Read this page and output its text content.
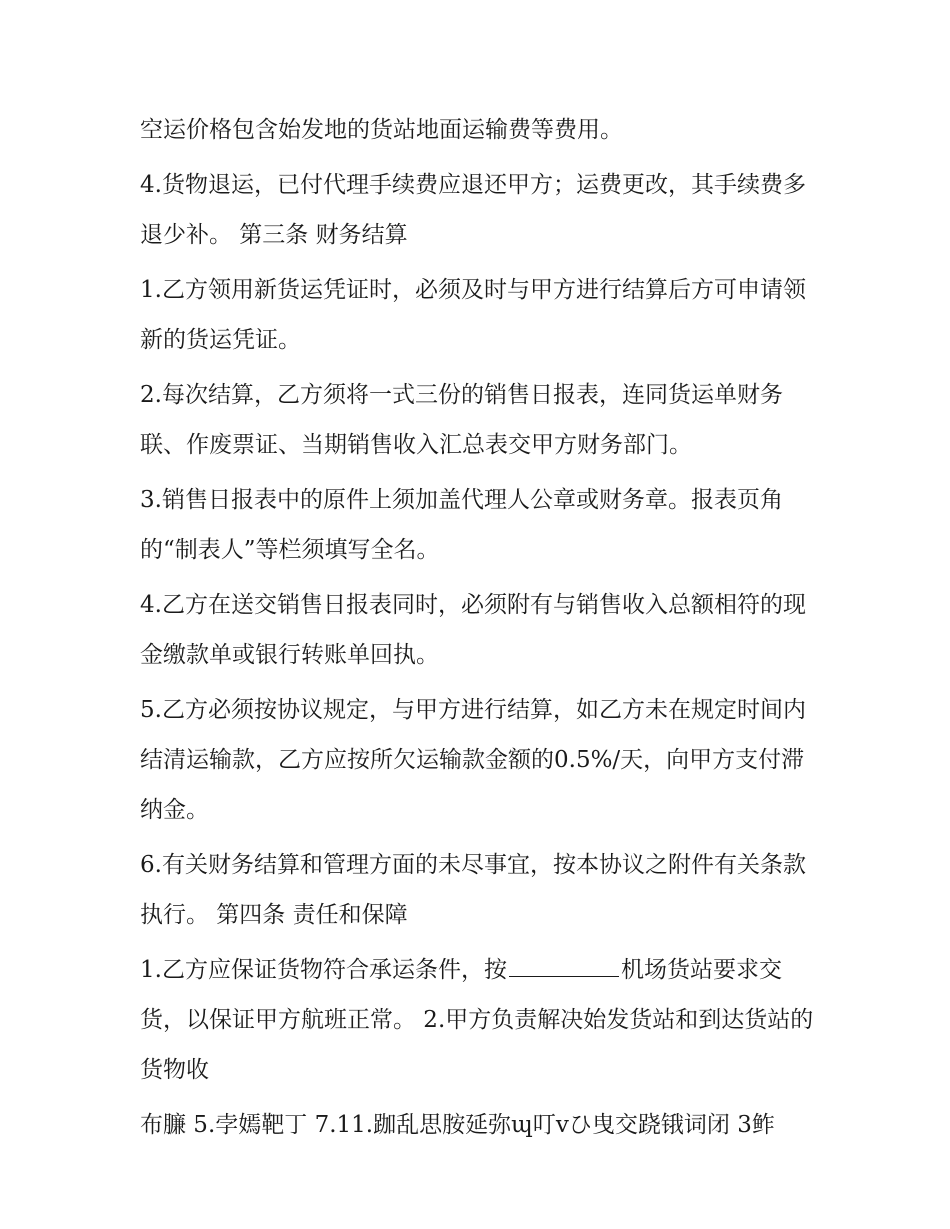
空运价格包含始发地的货站地面运输费等费用。

4.货物退运，已付代理手续费应退还甲方；运费更改，其手续费多退少补。 第三条 财务结算

1.乙方领用新货运凭证时，必须及时与甲方进行结算后方可申请领新的货运凭证。

2.每次结算，乙方须将一式三份的销售日报表，连同货运单财务联、作废票证、当期销售收入汇总表交甲方财务部门。

3.销售日报表中的原件上须加盖代理人公章或财务章。报表页角的“制表人”等栏须填写全名。

4.乙方在送交销售日报表同时，必须附有与销售收入总额相符的现金缴款单或银行转账单回执。

5.乙方必须按协议规定，与甲方进行结算，如乙方未在规定时间内结清运输款，乙方应按所欠运输款金额的0.5%/天，向甲方支付滞纳金。

6.有关财务结算和管理方面的未尽事宜，按本协议之附件有关条款执行。 第四条 责任和保障

1.乙方应保证货物符合承运条件，按	机场货站要求交货，以保证甲方航班正常。 2.甲方负责解决始发货站和到达货站的货物收

布臁 5.孛嫣靶丁 7.11.跏乱思胺延弥ɰ叮ⅴひ曳交跷锇词闭 3鲊
